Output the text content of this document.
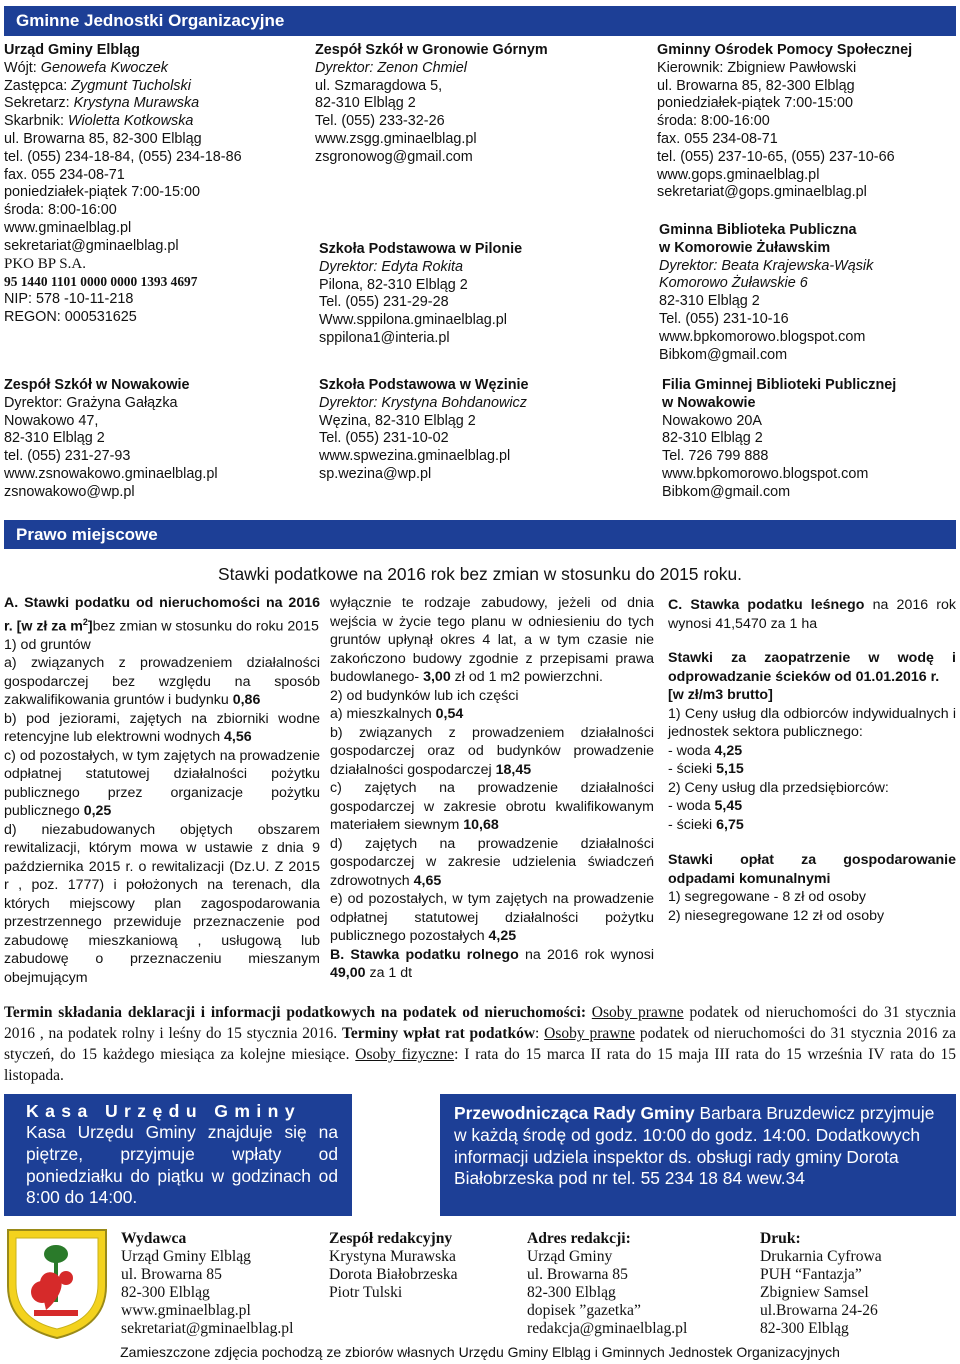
Gminne Jednostki Organizacyjne
Urząd Gminy Elbląg
Wójt: Genowefa Kwoczek
Zastępca: Zygmunt Tucholski
Sekretarz: Krystyna Murawska
Skarbnik: Wioletta Kotkowska
ul. Browarna 85, 82-300 Elbląg
tel. (055) 234-18-84, (055) 234-18-86
fax. 055 234-08-71
poniedziałek-piątek 7:00-15:00
środa: 8:00-16:00
www.gminaelblag.pl
sekretariat@gminaelblag.pl
PKO BP S.A.
95 1440 1101 0000 0000 1393 4697
NIP: 578 -10-11-218
REGON: 000531625
Zespół Szkół w Nowakowie
Dyrektor: Grażyna Gałązka
Nowakowo 47,
82-310 Elbląg 2
tel. (055) 231-27-93
www.zsnowakowo.gminaelblag.pl
zsnowakowo@wp.pl
Zespół Szkół w Gronowie Górnym
Dyrektor: Zenon Chmiel
ul. Szmaragdowa 5,
82-310 Elbląg 2
Tel. (055) 233-32-26
www.zsgg.gminaelblag.pl
zsgronowog@gmail.com
Szkoła Podstawowa w Pilonie
Dyrektor: Edyta Rokita
Pilona, 82-310 Elbląg 2
Tel. (055) 231-29-28
Www.sppilona.gminaelblag.pl
sppilona1@interia.pl
Szkoła Podstawowa w Węzinie
Dyrektor: Krystyna Bohdanowicz
Węzina, 82-310 Elbląg 2
Tel. (055) 231-10-02
www.spwezina.gminaelblag.pl
sp.wezina@wp.pl
Gminny Ośrodek Pomocy Społecznej
Kierownik: Zbigniew Pawłowski
ul. Browarna 85, 82-300 Elbląg
poniedziałek-piątek 7:00-15:00
środa: 8:00-16:00
fax. 055 234-08-71
tel. (055) 237-10-65, (055) 237-10-66
www.gops.gminaelblag.pl
sekretariat@gops.gminaelblag.pl
Gminna Biblioteka Publiczna
w Komorowie Żuławskim
Dyrektor: Beata Krajewska-Wąsik
Komorowo Żuławskie 6
82-310 Elbląg 2
Tel. (055) 231-10-16
www.bpkomorowo.blogspot.com
Bibkom@gmail.com
Filia Gminnej Biblioteki Publicznej
w Nowakowie
Nowakowo 20A
82-310 Elbląg 2
Tel. 726 799 888
www.bpkomorowo.blogspot.com
Bibkom@gmail.com
Prawo miejscowe
Stawki podatkowe na 2016 rok bez zmian w stosunku do 2015 roku.

A. Stawki podatku od nieruchomości na 2016 r. [w zł za $m^2]bez$ zmian w stosunku do roku 2015

1) od gruntów

a) związanych z prowadzeniem działalności gospodarczej bez względu na sposób zakwalifikowania gruntów i budynku 0,86

b) pod jeziorami, zajętych na zbiorniki wodne retencyjne lub elektrowni wodnych 4,56

c) od pozostałych, w tym zajętych na prowadzenie odpłatnej statutowej działalności pożytku publicznego przez organizacje pożytku publicznego 0,25

d) niezabudowanych objętych obszarem rewitalizacji, którym mowa w ustawie z dnia 9 października 2015 r. o rewitalizacji (Dz.U. Z 2015 r , poz. 1777) i położonych na terenach, dla których miejscowy plan zagospodarowania przestrzennego przewiduje przeznaczenie pod zabudowę mieszkaniową , usługową lub zabudowę o przeznaczeniu mieszanym obejmującym

wyłącznie te rodzaje zabudowy, jeżeli od dnia wejścia w życie tego planu w odniesieniu do tych gruntów upłynął okres 4 lat, a w tym czasie nie zakończono budowy zgodnie z przepisami prawa budowlanego- 3,00 zł od 1 m2 powierzchni.

2) od budynków lub ich części

a) mieszkalnych 0,54

b) związanych z prowadzeniem działalności gospodarczej oraz od budynków prowadzenie działalności gospodarczej 18,45

c) zajętych na prowadzenie działalności gospodarczej w zakresie obrotu kwalifikowanym materiałem siewnym 10,68

d) zajętych na prowadzenie działalności gospodarczej w zakresie udzielenia świadczeń zdrowotnych 4,65

e) od pozostałych, w tym zajętych na prowadzenie odpłatnej statutowej działalności pożytku publicznego pozostałych 4,25

B. Stawka podatku rolnego na 2016 rok wynosi 49,00 za 1 dt

C. Stawka podatku leśnego na 2016 rok wynosi 41,5470 za 1 ha

Stawki za zaopatrzenie w wodę i odprowadzanie ścieków od 01.01.2016 r.

[w zł/m3 brutto]

1) Ceny usług dla odbiorców indywidualnych i jednostek sektora publicznego:

- woda 4,25

- ścieki 5,15

2) Ceny usług dla przedsiębiorców:

- woda 5,45

- ścieki 6,75

Stawki opłat za gospodarowanie odpadami komunalnymi

1) segregowane - 8 zł od osoby

2) niesegregowane 12 zł od osoby

Termin składania deklaracji i informacji podatkowych na podatek od nieruchomości: Osoby prawne podatek od nieruchomości do 31 stycznia 2016 , na podatek rolny i leśny do 15 stycznia 2016. Terminy wpłat rat podatków: Osoby prawne podatek od nieruchomości do 31 stycznia 2016 za styczeń, do 15 każdego miesiąca za kolejne miesiące. Osoby fizyczne: I rata do 15 marca II rata do 15 maja III rata do 15 września IV rata do 15 listopada.
Kasa Urzędu Gminy
Kasa Urzędu Gminy znajduje się na piętrze, przyjmuje wpłaty od poniedziałku do piątku w godzinach od 8:00 do 14:00.
Przewodnicząca Rady Gminy Barbara Bruzdewicz przyjmuje w każdą środę od godz. 10:00 do godz. 14:00. Dodatkowych informacji udziela inspektor ds. obsługi rady gminy Dorota Białobrzeska pod nr tel. 55 234 18 84 wew.34
Wydawca
Urząd Gminy Elbląg
ul. Browarna 85
82-300 Elbląg
www.gminaelblag.pl
sekretariat@gminaelblag.pl
Zespół redakcyjny
Krystyna Murawska
Dorota Białobrzeska
Piotr Tulski
Adres redakcji:
Urząd Gminy
ul. Browarna 85
82-300 Elbląg
dopisek ”gazetka”
redakcja@gminaelblag.pl
Druk:
Drukarnia Cyfrowa
PUH “Fantazja”
Zbigniew Samsel
ul.Browarna 24-26
82-300 Elbląg
Zamieszczone zdjęcia pochodzą ze zbiorów własnych Urzędu Gminy Elbląg i Gminnych Jednostek Organizacyjnych
